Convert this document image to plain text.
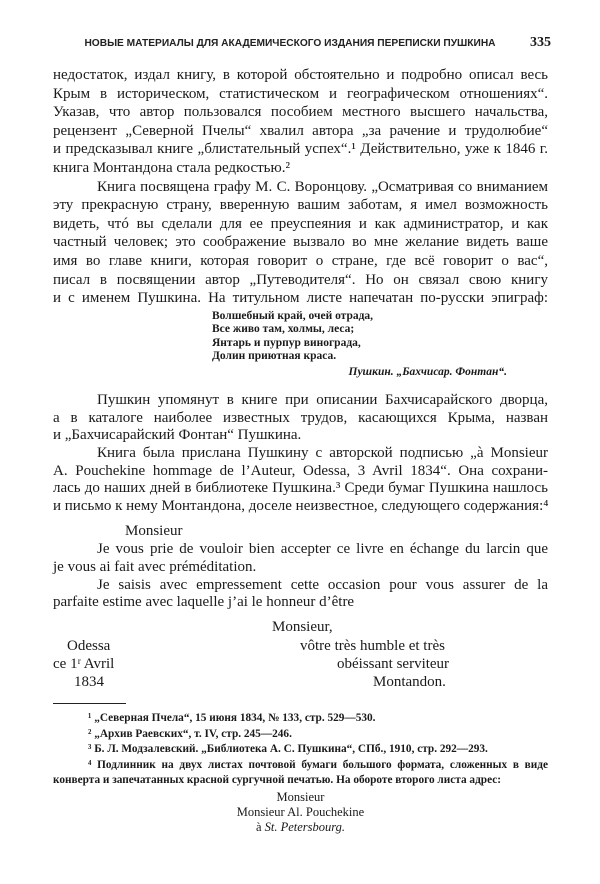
НОВЫЕ МАТЕРИАЛЫ ДЛЯ АКАДЕМИЧЕСКОГО ИЗДАНИЯ ПЕРЕПИСКИ ПУШКИНА 335
недостаток, издал книгу, в которой обстоятельно и подробно описал весь
Крым в историческом, статистическом и географическом отношениях“.
Указав, что автор пользовался пособием местного высшего начальства,
рецензент „Северной Пчелы“ хвалил автора „за рачение и трудолюбие“
и предсказывал книге „блистательный успех“.¹ Действительно, уже к 1846 г.
книга Монтандона стала редкостью.²
Книга посвящена графу М. С. Воронцову. „Осматривая со вниманием
эту прекрасную страну, вверенную вашим заботам, я имел возможность
видеть, чтó вы сделали для ее преуспеяния и как администратор, и как
частный человек; это соображение вызвало во мне желание видеть ваше
имя во главе книги, которая говорит о стране, где всё говорит о вас“,
писал в посвящении автор „Путеводителя“. Но он связал свою книгу
и с именем Пушкина. На титульном листе напечатан по-русски эпиграф:
Волшебный край, очей отрада,
Все живо там, холмы, леса;
Янтарь и пурпур винограда,
Долин приютная краса.
Пушкин. „Бахчисар. Фонтан“.
Пушкин упомянут в книге при описании Бахчисарайского дворца,
а в каталоге наиболее известных трудов, касающихся Крыма, назван
и „Бахчисарайский Фонтан“ Пушкина.
Книга была прислана Пушкину с авторской подписью „à Monsieur
A. Pouchekine hommage de l’Auteur, Odessa, 3 Avril 1834“. Она сохрани-
лась до наших дней в библиотеке Пушкина.³ Среди бумаг Пушкина нашлось
и письмо к нему Монтандона, доселе неизвестное, следующего содержания:⁴
Monsieur
Je vous prie de vouloir bien accepter ce livre en échange du larcin que
je vous ai fait avec préméditation.
Je saisis avec empressement cette occasion pour vous assurer de la
parfaite estime avec laquelle j’ai le honneur d’être
Monsieur,
Odessa
ce 1ʳ Avril
1834
vôtre très humble et très
obéissant serviteur
Montandon.
¹ „Северная Пчела“, 15 июня 1834, № 133, стр. 529—530.
² „Архив Раевских“, т. IV, стр. 245—246.
³ Б. Л. Модзалевский. „Библиотека А. С. Пушкина“, СПб., 1910, стр. 292—293.
⁴ Подлинник на двух листах почтовой бумаги большого формата, сложенных в виде
конверта и запечатанных красной сургучной печатью. На обороте второго листа адрес:
Monsieur
Monsieur Al. Pouchekine
à St. Petersbourg.
